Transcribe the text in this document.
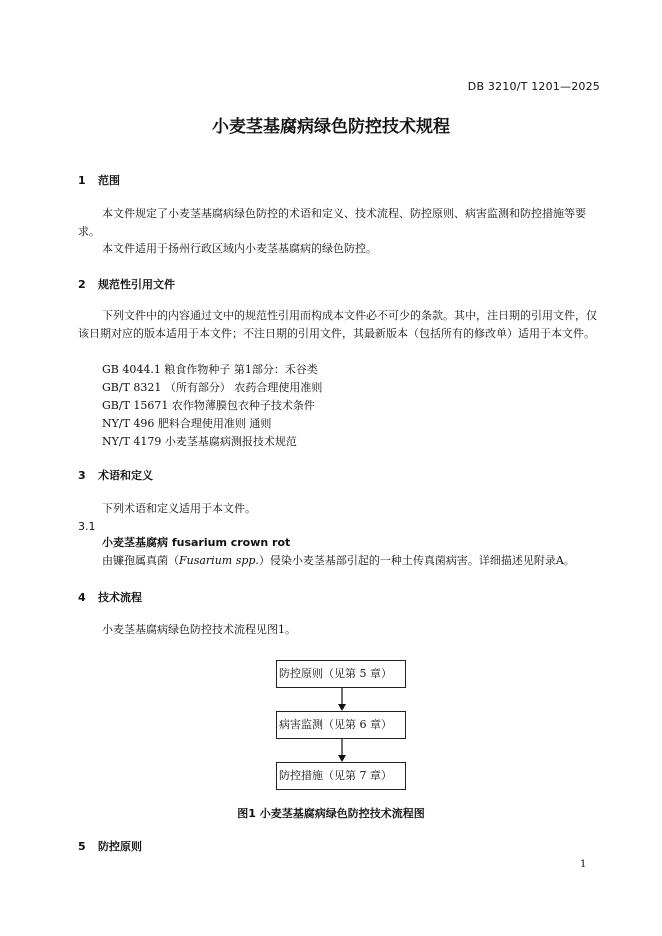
DB 3210/T 1201—2025
小麦茎基腐病绿色防控技术规程
1 范围
本文件规定了小麦茎基腐病绿色防控的术语和定义、技术流程、防控原则、病害监测和防控措施等要求。
本文件适用于扬州行政区域内小麦茎基腐病的绿色防控。
2 规范性引用文件
下列文件中的内容通过文中的规范性引用而构成本文件必不可少的条款。其中，注日期的引用文件，仅该日期对应的版本适用于本文件；不注日期的引用文件，其最新版本（包括所有的修改单）适用于本文件。
GB 4044.1 粮食作物种子 第1部分：禾谷类
GB/T 8321 （所有部分） 农药合理使用准则
GB/T 15671 农作物薄膜包衣种子技术条件
NY/T 496 肥料合理使用准则 通则
NY/T 4179 小麦茎基腐病测报技术规范
3 术语和定义
下列术语和定义适用于本文件。
3.1
小麦茎基腐病 fusarium crown rot
由镰孢属真菌（Fusarium spp.）侵染小麦茎基部引起的一种土传真菌病害。详细描述见附录A。
4 技术流程
小麦茎基腐病绿色防控技术流程见图1。
防控原则（见第 5 章）
病害监测（见第 6 章）
防控措施（见第 7 章）
图1 小麦茎基腐病绿色防控技术流程图
5 防控原则
1
